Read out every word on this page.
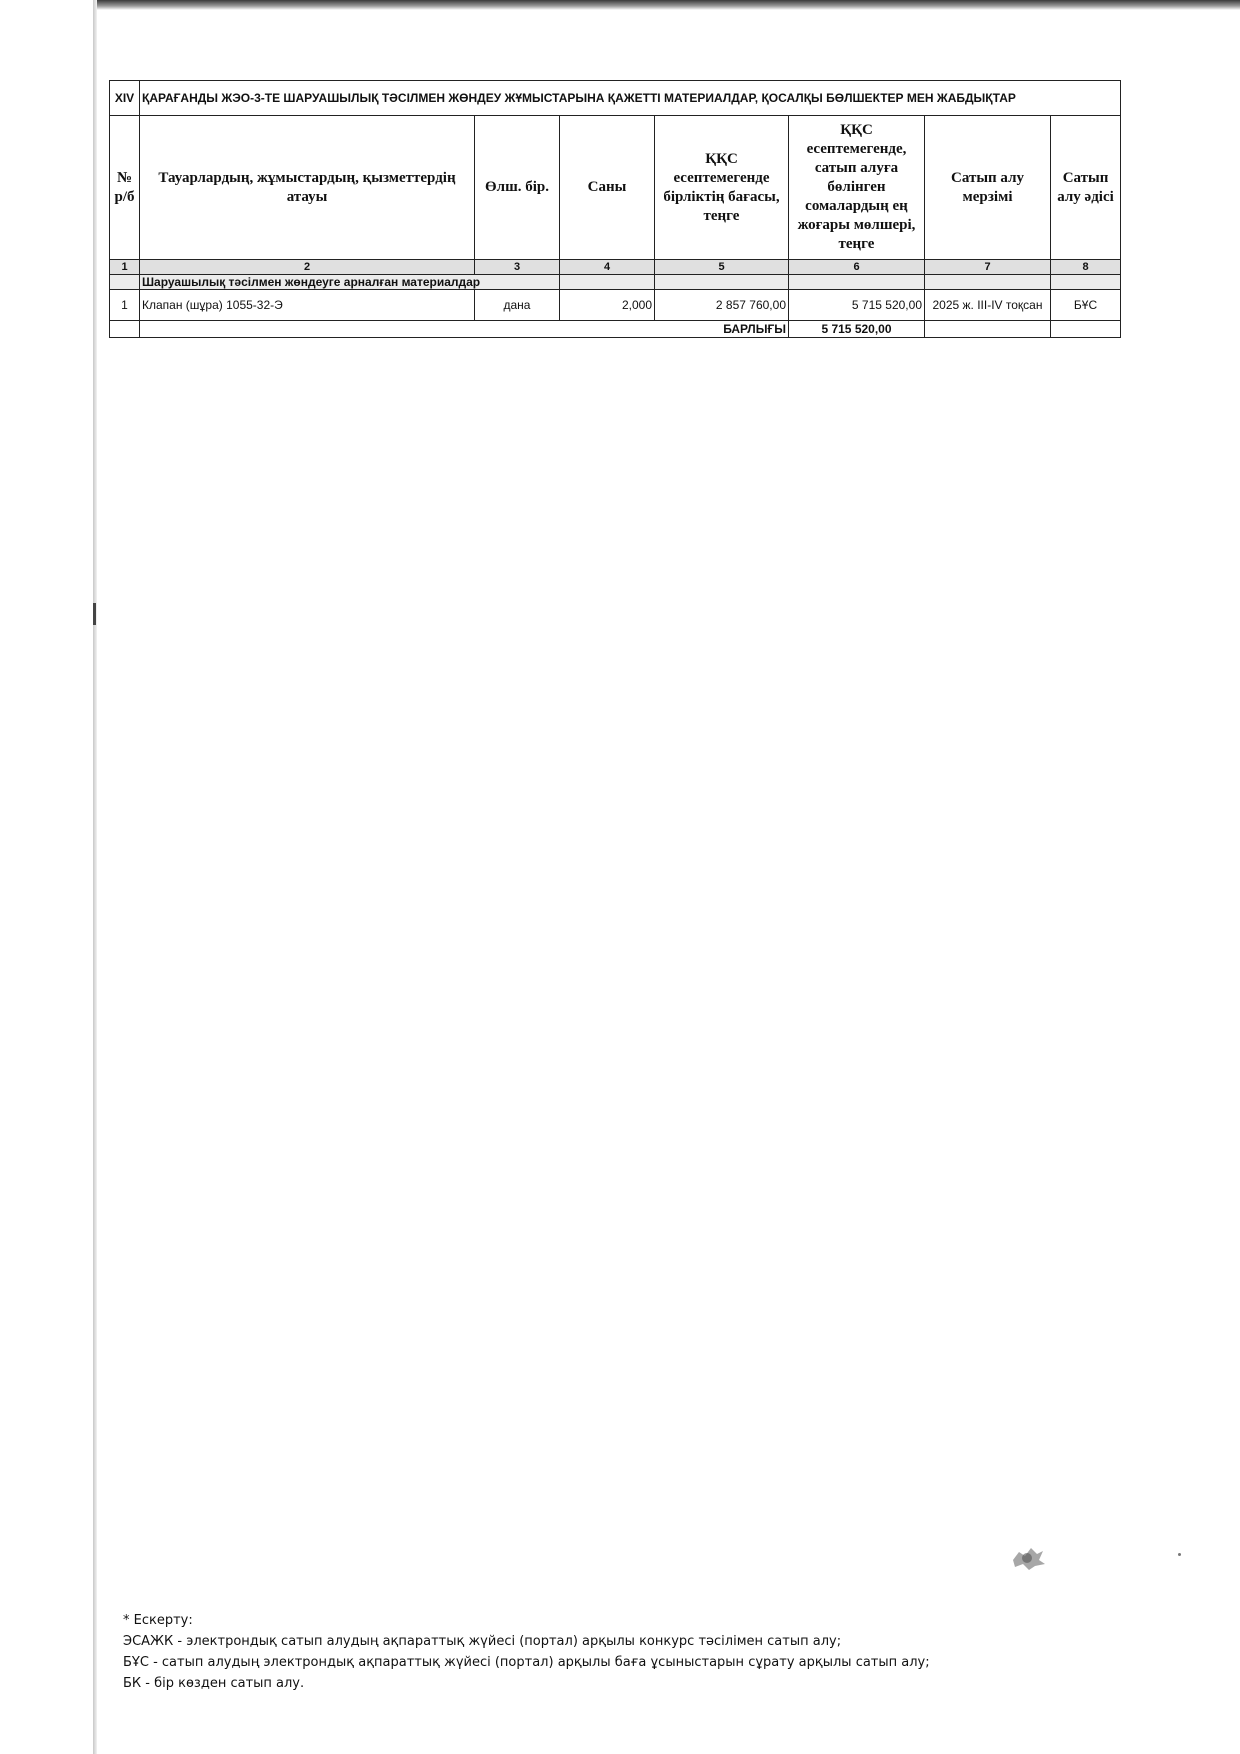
XIV	ҚАРАҒАНДЫ ЖЭО-3-ТЕ ШАРУАШЫЛЫҚ ТӘСІЛМЕН ЖӨНДЕУ ЖҰМЫСТАРЫНА ҚАЖЕТТІ МАТЕРИАЛДАР, ҚОСАЛҚЫ БӨЛШЕКТЕР МЕН ЖАБДЫҚТАР						
№ р/б	Тауарлардың, жұмыстардың, қызметтердің атауы	Өлш. бір.	Саны	ҚҚС есептемегенде бірліктің бағасы, теңге	ҚҚС есептемегенде, сатып алуға бөлінген сомалардың ең жоғары мөлшері, теңге	Сатып алу мерзімі	Сатып алу әдісі
1	2	3	4	5	6	7	8
	Шаруашылық тәсілмен жөндеуге арналған материалдар						
1	Клапан (шұра) 1055-32-Э	дана	2,000	2 857 760,00	5 715 520,00	2025 ж. III-IV тоқсан	БҰС
	БАРЛЫҒЫ				5 715 520,00		
* Ескерту:
ЭСАЖК - электрондық сатып алудың ақпараттық жүйесі (портал) арқылы конкурс тәсілімен сатып алу;
БҰС - сатып алудың электрондық ақпараттық жүйесі (портал) арқылы баға ұсыныстарын сұрату арқылы сатып алу;
БК - бір көзден сатып алу.
